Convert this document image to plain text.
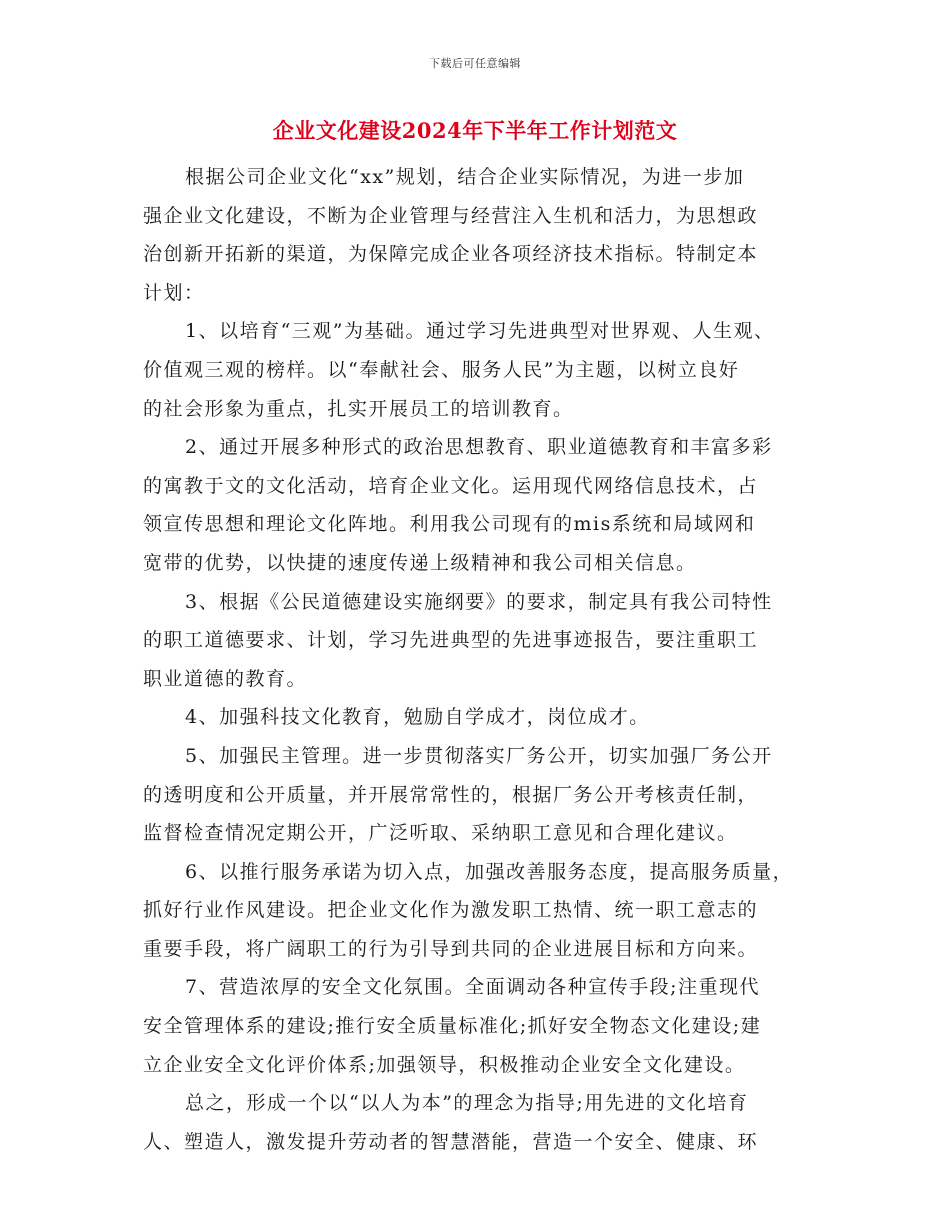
下载后可任意编辑
企业文化建设2024年下半年工作计划范文
根据公司企业文化“xx”规划，结合企业实际情况，为进一步加
强企业文化建设，不断为企业管理与经营注入生机和活力，为思想政
治创新开拓新的渠道，为保障完成企业各项经济技术指标。特制定本
计划：
1、以培育“三观”为基础。通过学习先进典型对世界观、人生观、
价值观三观的榜样。以“奉献社会、服务人民”为主题，以树立良好
的社会形象为重点，扎实开展员工的培训教育。
2、通过开展多种形式的政治思想教育、职业道德教育和丰富多彩
的寓教于文的文化活动，培育企业文化。运用现代网络信息技术，占
领宣传思想和理论文化阵地。利用我公司现有的mis系统和局域网和
宽带的优势，以快捷的速度传递上级精神和我公司相关信息。
3、根据《公民道德建设实施纲要》的要求，制定具有我公司特性
的职工道德要求、计划，学习先进典型的先进事迹报告，要注重职工
职业道德的教育。
4、加强科技文化教育，勉励自学成才，岗位成才。
5、加强民主管理。进一步贯彻落实厂务公开，切实加强厂务公开
的透明度和公开质量，并开展常常性的，根据厂务公开考核责任制，
监督检查情况定期公开，广泛听取、采纳职工意见和合理化建议。
6、以推行服务承诺为切入点，加强改善服务态度，提高服务质量，
抓好行业作风建设。把企业文化作为激发职工热情、统一职工意志的
重要手段，将广阔职工的行为引导到共同的企业进展目标和方向来。
7、营造浓厚的安全文化氛围。全面调动各种宣传手段;注重现代
安全管理体系的建设;推行安全质量标准化;抓好安全物态文化建设;建
立企业安全文化评价体系;加强领导，积极推动企业安全文化建设。
总之，形成一个以“以人为本”的理念为指导;用先进的文化培育
人、塑造人，激发提升劳动者的智慧潜能，营造一个安全、健康、环
